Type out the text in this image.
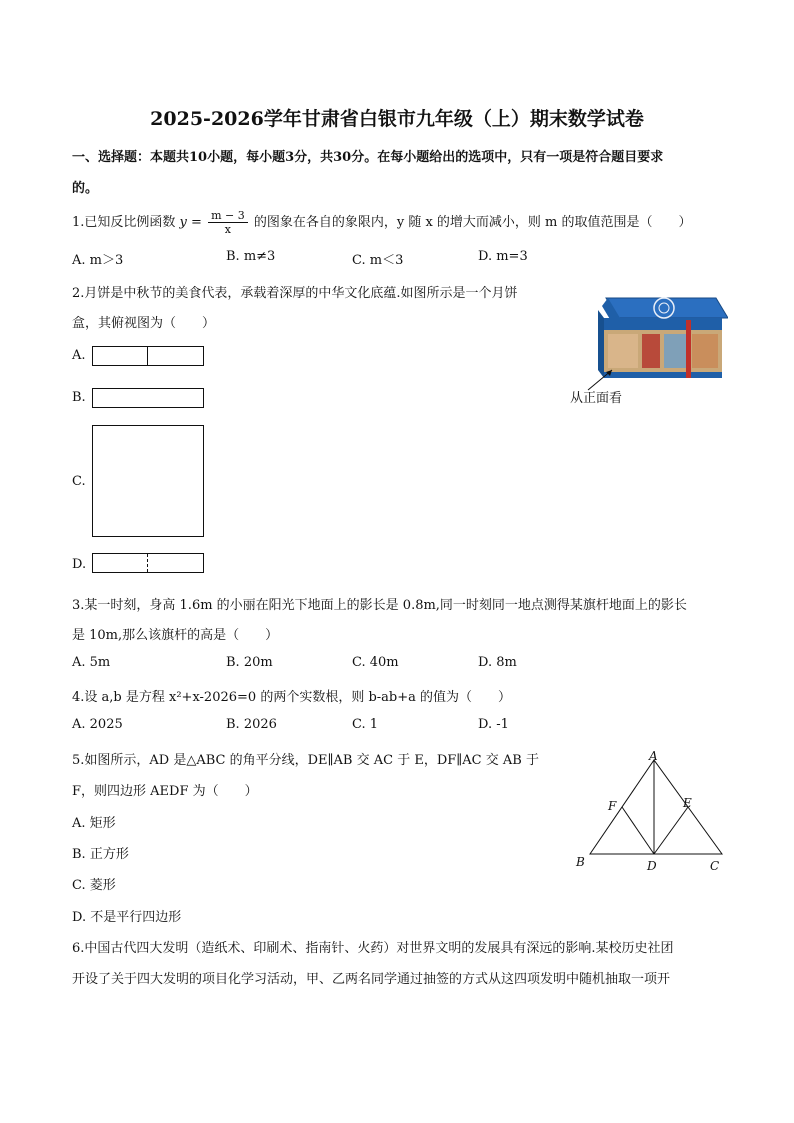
2025-2026学年甘肃省白银市九年级（上）期末数学试卷
一、选择题：本题共10小题，每小题3分，共30分。在每小题给出的选项中，只有一项是符合题目要求
的。
1.已知反比例函数 $y = \frac{m - 3}{x}$ 的图象在各自的象限内，y 随 x 的增大而减小，则 m 的取值范围是（　　）
A. m＞3	B. m≠3	C. m＜3	D. m=3
2.月饼是中秋节的美食代表，承载着深厚的中华文化底蕴.如图所示是一个月饼
盒，其俯视图为（　　）
A.
B.
C.
D.
从正面看
3.某一时刻，身高 1.6m 的小丽在阳光下地面上的影长是 0.8m,同一时刻同一地点测得某旗杆地面上的影长
是 10m,那么该旗杆的高是（　　）
A. 5m	B. 20m	C. 40m	D. 8m
4.设 a,b 是方程 x²+x-2026=0 的两个实数根，则 b-ab+a 的值为（　　）
A. 2025	B. 2026	C. 1	D. -1
5.如图所示，AD 是△ABC 的角平分线，DE∥AB 交 AC 于 E，DF∥AC 交 AB 于
F，则四边形 AEDF 为（　　）
A. 矩形
B. 正方形
C. 菱形
D. 不是平行四边形
A
B	C
D
E
F
6.中国古代四大发明（造纸术、印刷术、指南针、火药）对世界文明的发展具有深远的影响.某校历史社团
开设了关于四大发明的项目化学习活动，甲、乙两名同学通过抽签的方式从这四项发明中随机抽取一项开
